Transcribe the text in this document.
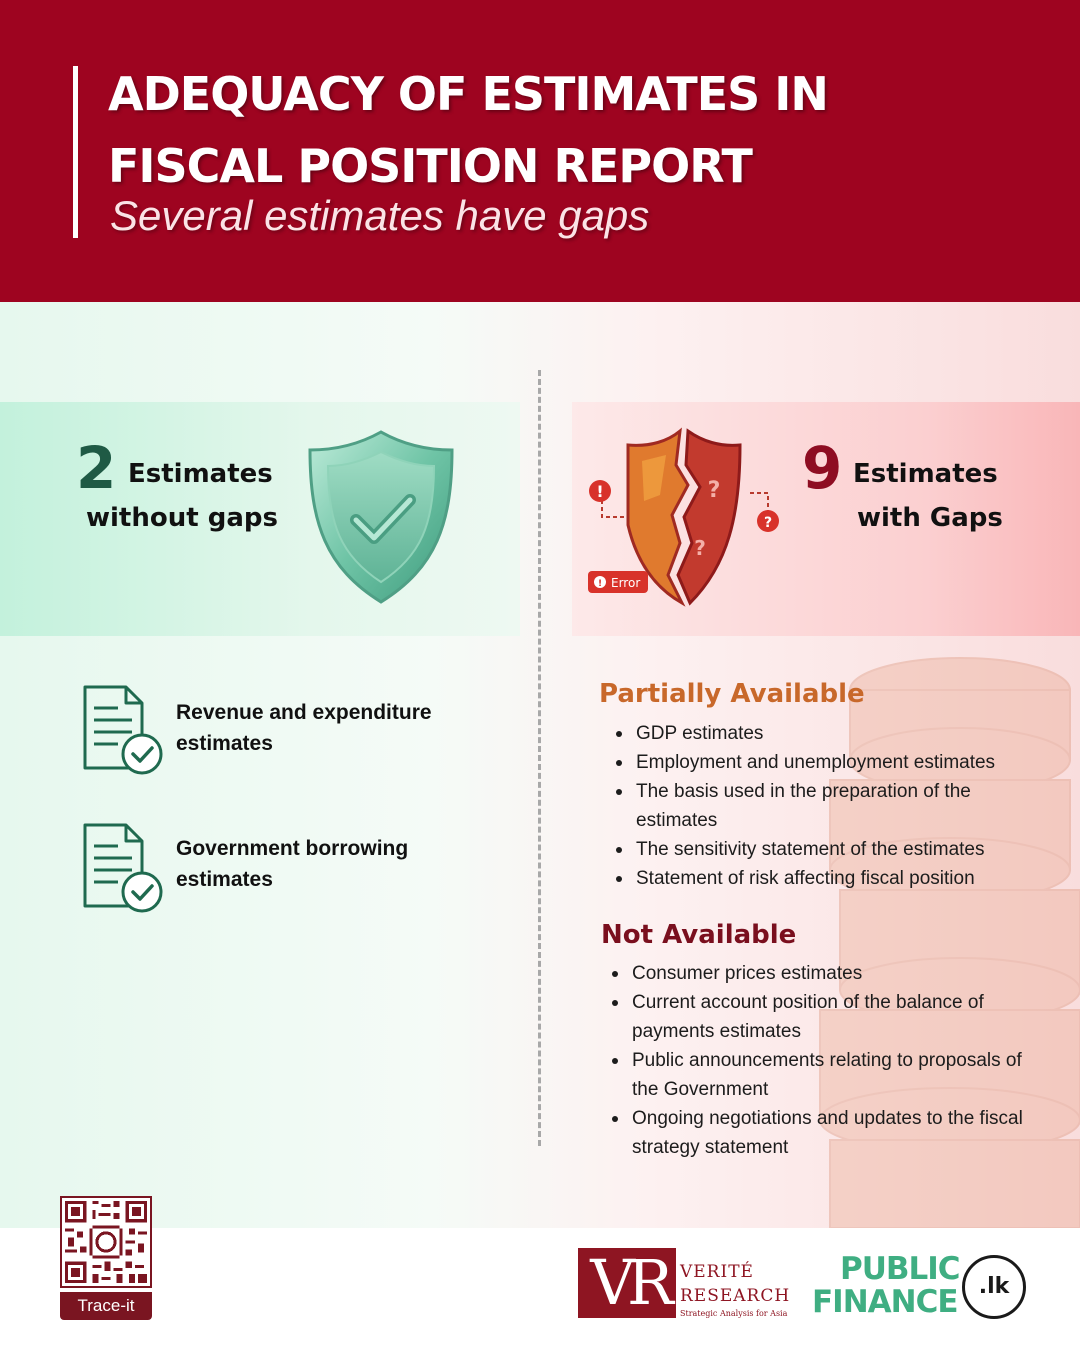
ADEQUACY OF ESTIMATES IN
FISCAL POSITION REPORT
Several estimates have gaps
2 Estimates
without gaps
!
?
?
?
! Error
9 Estimates
with Gaps
Revenue and expenditure
estimates
Government borrowing
estimates
Partially Available
GDP estimates
Employment and unemployment estimates
The basis used in the preparation of the estimates
The sensitivity statement of the estimates
Statement of risk affecting fiscal position
Not Available
Consumer prices estimates
Current account position of the balance of payments estimates
Public announcements relating to proposals of the Government
Ongoing negotiations and updates to the fiscal strategy statement
Trace-it	VR VERITÉ
RESEARCH
Strategic Analysis for Asia
PUBLIC
FINANCE .lk
